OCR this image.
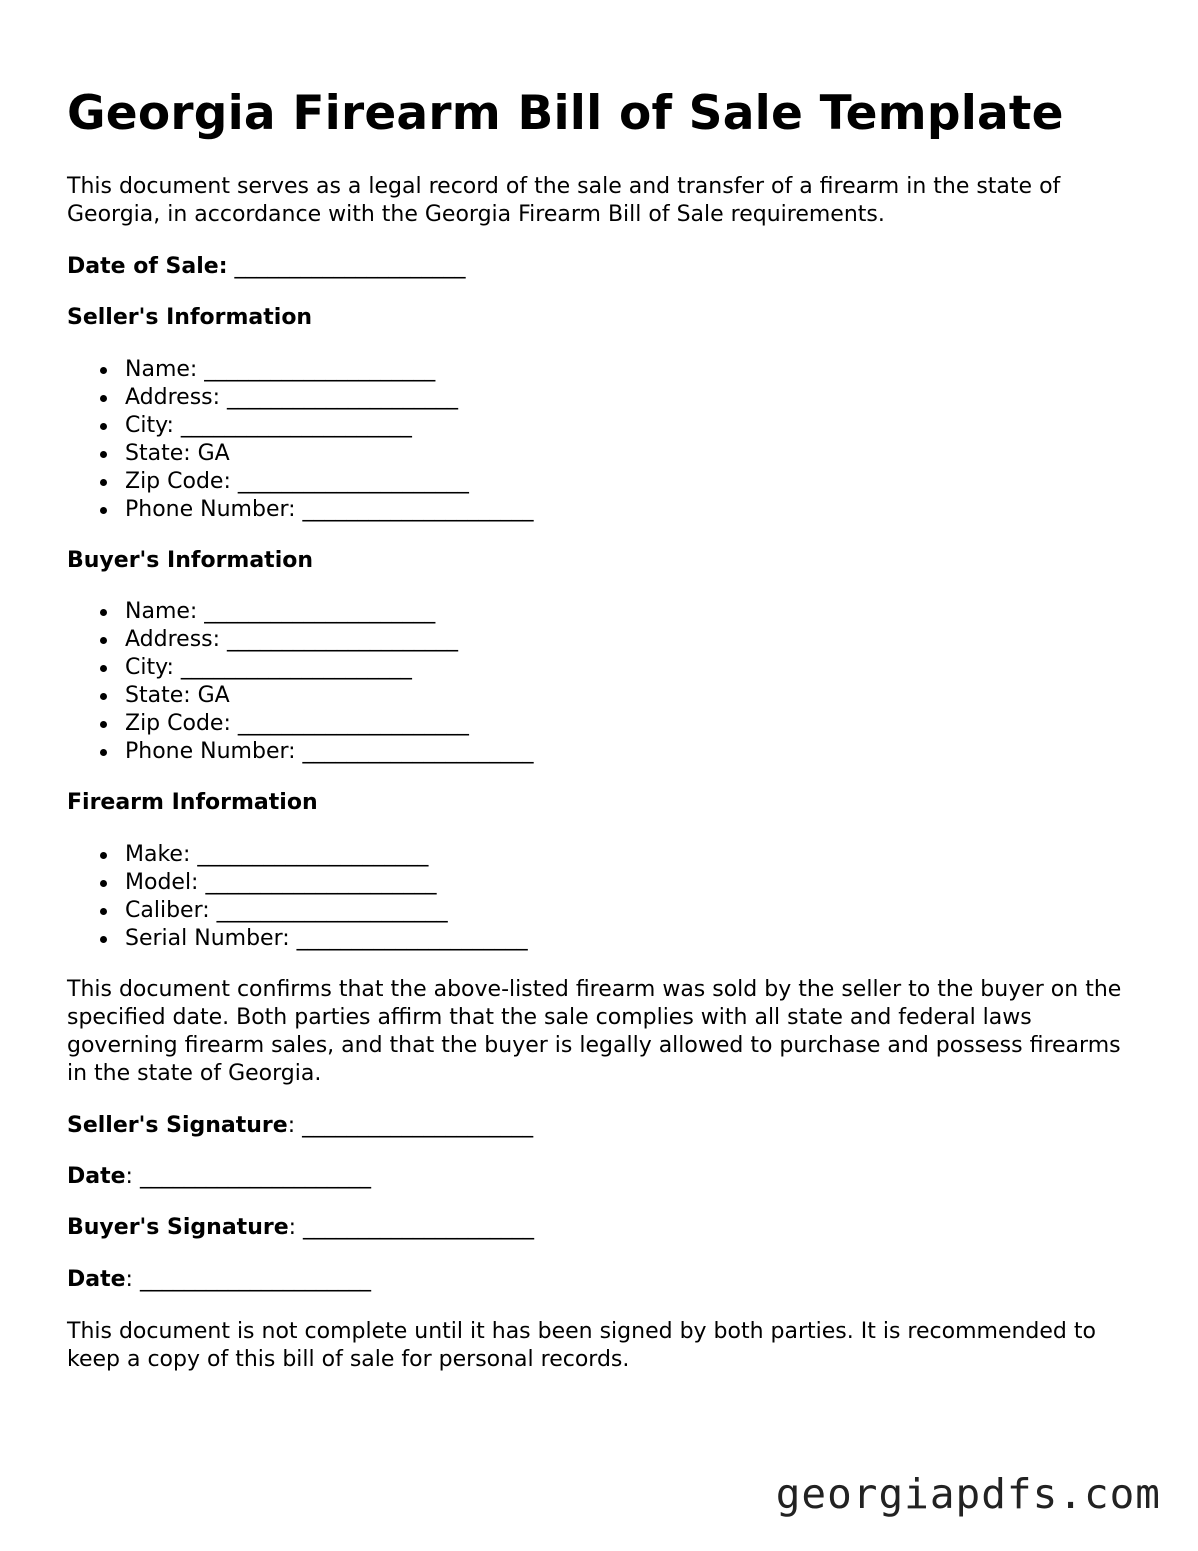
Georgia Firearm Bill of Sale Template

This document serves as a legal record of the sale and transfer of a firearm in the state of Georgia, in accordance with the Georgia Firearm Bill of Sale requirements.

Date of Sale: _____________________
Seller's Information
Name: _____________________
Address: _____________________
City: _____________________
State: GA
Zip Code: _____________________
Phone Number: _____________________
Buyer's Information
Name: _____________________
Address: _____________________
City: _____________________
State: GA
Zip Code: _____________________
Phone Number: _____________________
Firearm Information
Make: _____________________
Model: _____________________
Caliber: _____________________
Serial Number: _____________________

This document confirms that the above-listed firearm was sold by the seller to the buyer on the specified date. Both parties affirm that the sale complies with all state and federal laws governing firearm sales, and that the buyer is legally allowed to purchase and possess firearms in the state of Georgia.

Seller's Signature: _____________________
Date: _____________________
Buyer's Signature: _____________________
Date: _____________________

This document is not complete until it has been signed by both parties. It is recommended to keep a copy of this bill of sale for personal records.

georgiapdfs.com
